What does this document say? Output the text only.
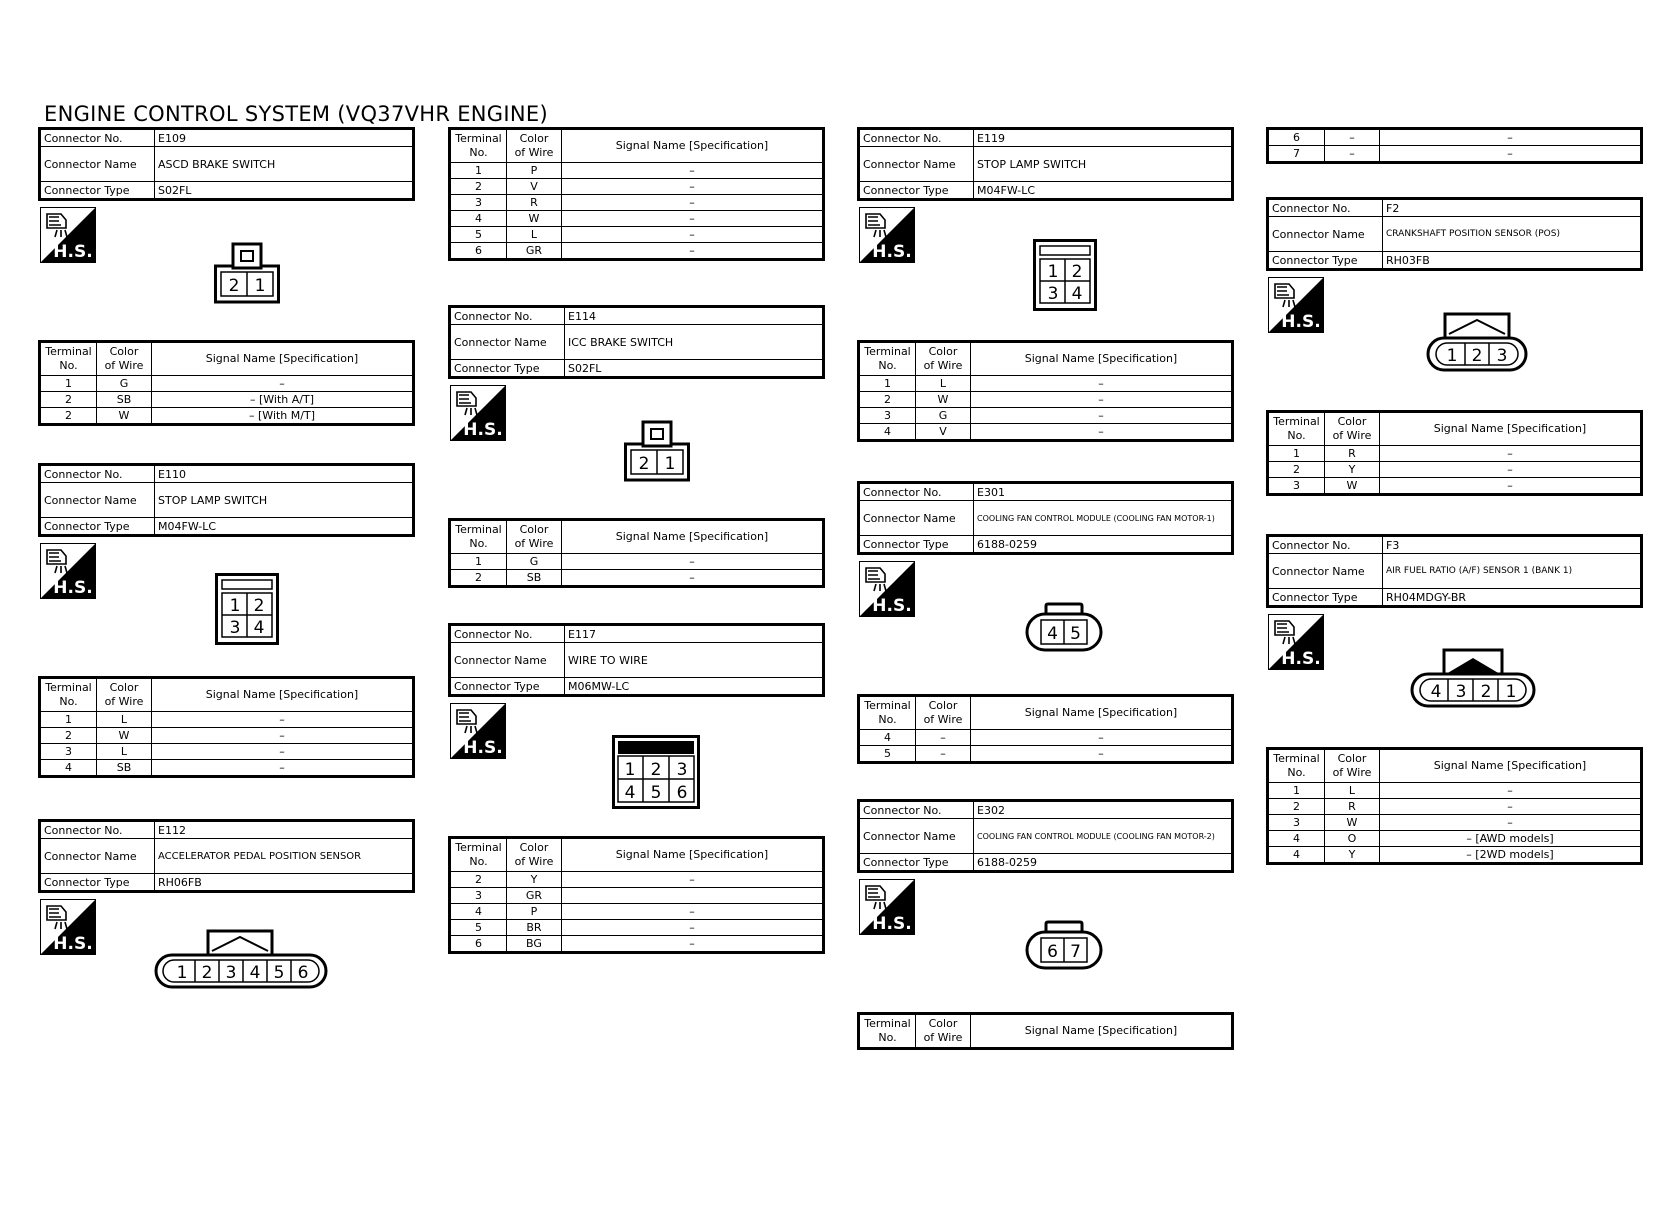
ENGINE CONTROL SYSTEM (VQ37VHR ENGINE)
Connector No.	E109
Connector Name	ASCD BRAKE SWITCH
Connector Type	S02FL
2 1
Terminal
No.	Color
of Wire	Signal Name [Specification]
1	G	–
2	SB	– [With A/T]
2	W	– [With M/T]
Connector No.	E110
Connector Name	STOP LAMP SWITCH
Connector Type	M04FW-LC
1 2
3 4
Terminal
No.	Color
of Wire	Signal Name [Specification]
1	L	–
2	W	–
3	L	–
4	SB	–
Connector No.	E112
Connector Name	ACCELERATOR PEDAL POSITION SENSOR
Connector Type	RH06FB
1 2 3 4 5 6
Terminal
No.	Color
of Wire	Signal Name [Specification]
1	P	–
2	V	–
3	R	–
4	W	–
5	L	–
6	GR	–
Connector No.	E114
Connector Name	ICC BRAKE SWITCH
Connector Type	S02FL
2 1
Terminal
No.	Color
of Wire	Signal Name [Specification]
1	G	–
2	SB	–
Connector No.	E117
Connector Name	WIRE TO WIRE
Connector Type	M06MW-LC
1 2 3
4 5 6
Terminal
No.	Color
of Wire	Signal Name [Specification]
2	Y	–
3	GR	
4	P	–
5	BR	–
6	BG	–
Connector No.	E119
Connector Name	STOP LAMP SWITCH
Connector Type	M04FW-LC
1 2
3 4
Terminal
No.	Color
of Wire	Signal Name [Specification]
1	L	–
2	W	–
3	G	–
4	V	–
Connector No.	E301
Connector Name	COOLING FAN CONTROL MODULE (COOLING FAN MOTOR-1)
Connector Type	6188-0259
4 5
Terminal
No.	Color
of Wire	Signal Name [Specification]
4	–	–
5	–	–
Connector No.	E302
Connector Name	COOLING FAN CONTROL MODULE (COOLING FAN MOTOR-2)
Connector Type	6188-0259
6 7
Terminal
No.	Color
of Wire	Signal Name [Specification]
6	–	–
7	–	–
Connector No.	F2
Connector Name	CRANKSHAFT POSITION SENSOR (POS)
Connector Type	RH03FB
1 2 3
Terminal
No.	Color
of Wire	Signal Name [Specification]
1	R	–
2	Y	–
3	W	–
Connector No.	F3
Connector Name	AIR FUEL RATIO (A/F) SENSOR 1 (BANK 1)
Connector Type	RH04MDGY-BR
4 3 2 1
Terminal
No.	Color
of Wire	Signal Name [Specification]
1	L	–
2	R	–
3	W	–
4	O	– [AWD models]
4	Y	– [2WD models]
